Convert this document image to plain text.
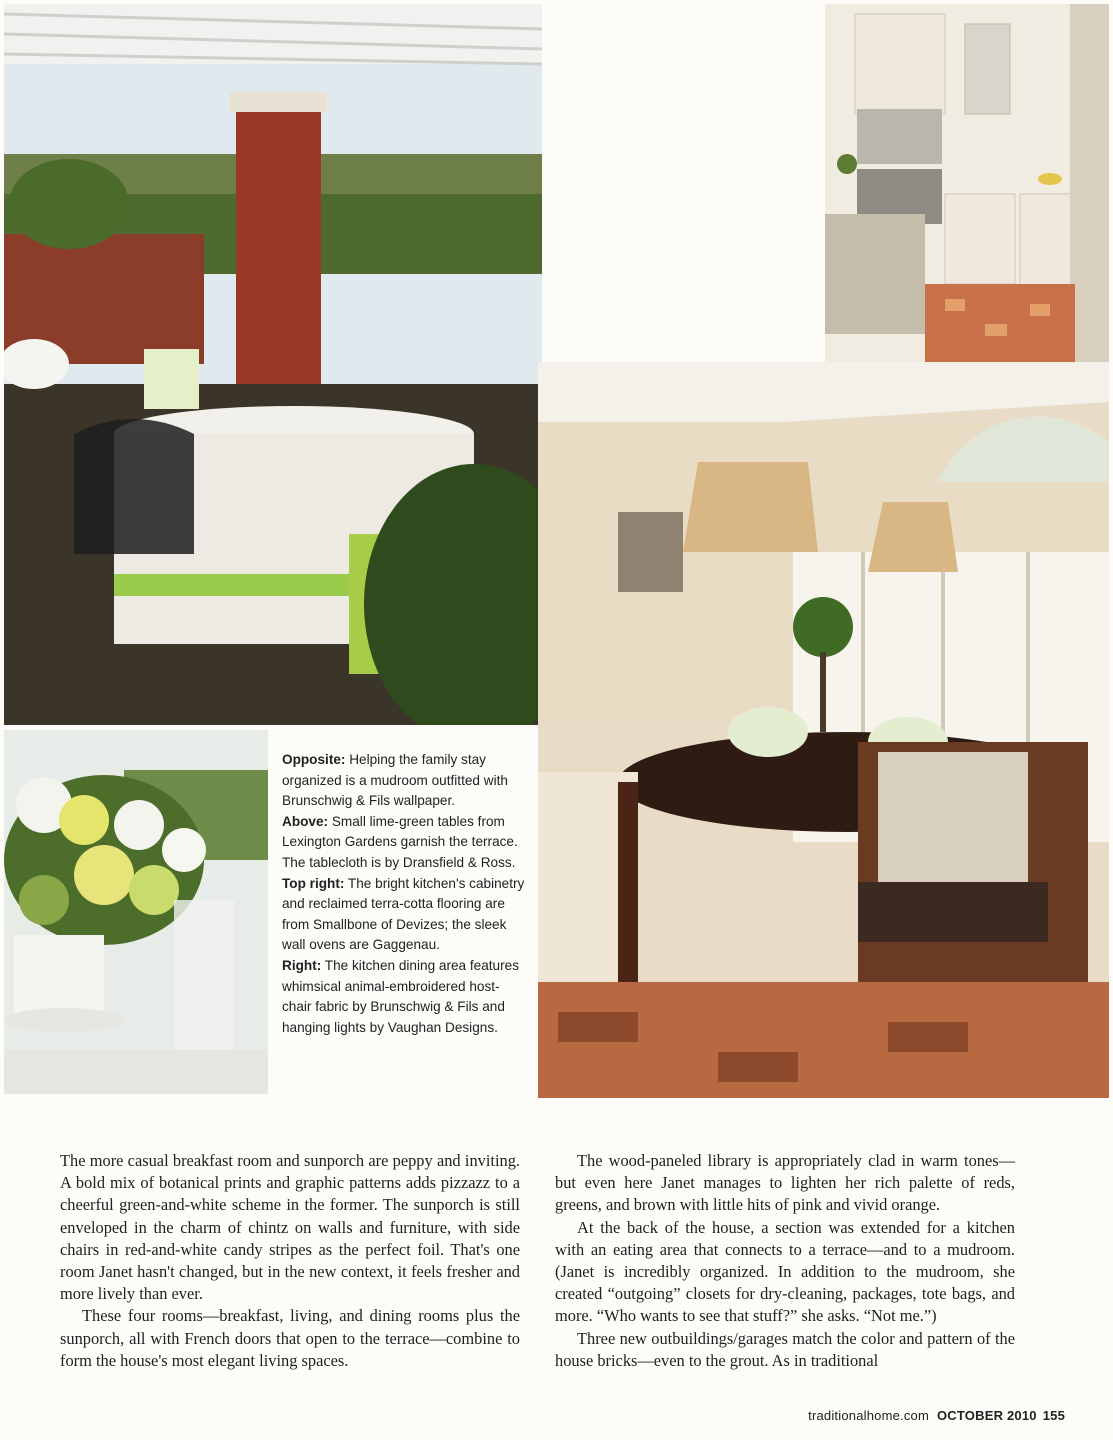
Opposite: Helping the family stay organized is a mudroom outfitted with Brunschwig & Fils wallpaper.

Above: Small lime-green tables from Lexington Gardens garnish the terrace. The tablecloth is by Dransfield & Ross.

Top right: The bright kitchen's cabinetry and reclaimed terra-cotta flooring are from Smallbone of Devizes; the sleek wall ovens are Gaggenau.

Right: The kitchen dining area features whimsical animal-embroidered host-chair fabric by Brunschwig & Fils and hanging lights by Vaughan Designs.

The more casual breakfast room and sunporch are peppy and inviting. A bold mix of botanical prints and graphic patterns adds pizzazz to a cheerful green-and-white scheme in the former. The sunporch is still enveloped in the charm of chintz on walls and furniture, with side chairs in red-and-white candy stripes as the perfect foil. That's one room Janet hasn't changed, but in the new context, it feels fresher and more lively than ever.

These four rooms—breakfast, living, and dining rooms plus the sunporch, all with French doors that open to the terrace—combine to form the house's most elegant living spaces.

The wood-paneled library is appropriately clad in warm tones—but even here Janet manages to lighten her rich palette of reds, greens, and brown with little hits of pink and vivid orange.

At the back of the house, a section was extended for a kitchen with an eating area that connects to a terrace—and to a mudroom. (Janet is incredibly organized. In addition to the mudroom, she created “outgoing” closets for dry-cleaning, packages, tote bags, and more. “Who wants to see that stuff?” she asks. “Not me.”)

Three new outbuildings/garages match the color and pattern of the house bricks—even to the grout. As in traditional

traditionalhome.com OCTOBER 2010 155
